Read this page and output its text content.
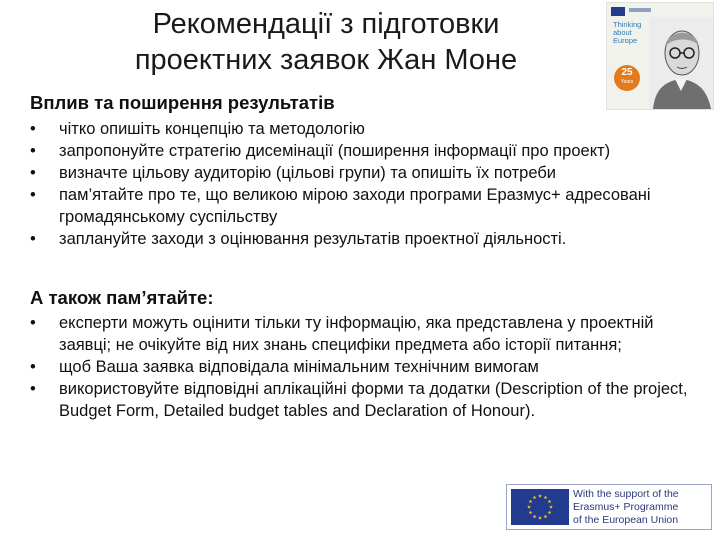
Рекомендації з підготовки
проектних заявок Жан Моне
Thinking
about
Europe
25
Years
Вплив та поширення результатів
• чітко опишіть концепцію та методологію
• запропонуйте стратегію дисемінації (поширення інформації про проект)
• визначте цільову аудиторію (цільові групи) та опишіть їх потреби
• пам’ятайте про те, що великою мірою заходи програми Еразмус+ адресовані громадянському суспільству
• заплануйте заходи з оцінювання результатів проектної діяльності.
А також пам’ятайте:
• експерти можуть оцінити тільки ту інформацію, яка представлена у проектній заявці; не очікуйте від них знань специфіки предмета або історії питання;
• щоб Ваша заявка відповідала мінімальним технічним вимогам
• використовуйте відповідні аплікаційні форми та додатки (Description of the project, Budget Form, Detailed budget tables and Declaration of Honour).
With the support of the
Erasmus+ Programme
of the European Union
